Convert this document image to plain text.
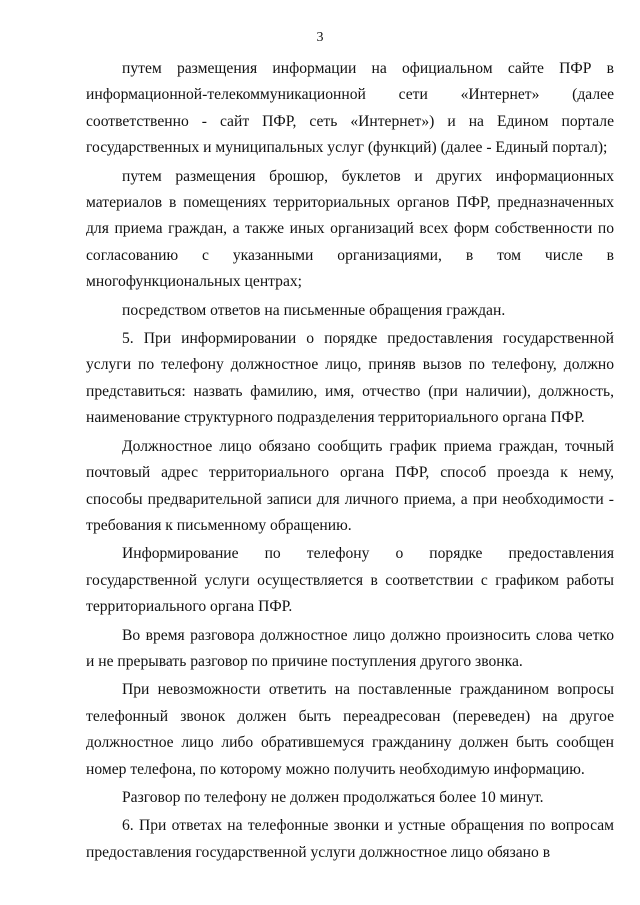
3

путем размещения информации на официальном сайте ПФР в информационной-телекоммуникационной сети «Интернет» (далее соответственно - сайт ПФР, сеть «Интернет») и на Едином портале государственных и муниципальных услуг (функций) (далее - Единый портал);

путем размещения брошюр, буклетов и других информационных материалов в помещениях территориальных органов ПФР, предназначенных для приема граждан, а также иных организаций всех форм собственности по согласованию с указанными организациями, в том числе в многофункциональных центрах;

посредством ответов на письменные обращения граждан.

5. При информировании о порядке предоставления государственной услуги по телефону должностное лицо, приняв вызов по телефону, должно представиться: назвать фамилию, имя, отчество (при наличии), должность, наименование структурного подразделения территориального органа ПФР.

Должностное лицо обязано сообщить график приема граждан, точный почтовый адрес территориального органа ПФР, способ проезда к нему, способы предварительной записи для личного приема, а при необходимости - требования к письменному обращению.

Информирование по телефону о порядке предоставления государственной услуги осуществляется в соответствии с графиком работы территориального органа ПФР.

Во время разговора должностное лицо должно произносить слова четко и не прерывать разговор по причине поступления другого звонка.

При невозможности ответить на поставленные гражданином вопросы телефонный звонок должен быть переадресован (переведен) на другое должностное лицо либо обратившемуся гражданину должен быть сообщен номер телефона, по которому можно получить необходимую информацию.

Разговор по телефону не должен продолжаться более 10 минут.

6. При ответах на телефонные звонки и устные обращения по вопросам предоставления государственной услуги должностное лицо обязано в
